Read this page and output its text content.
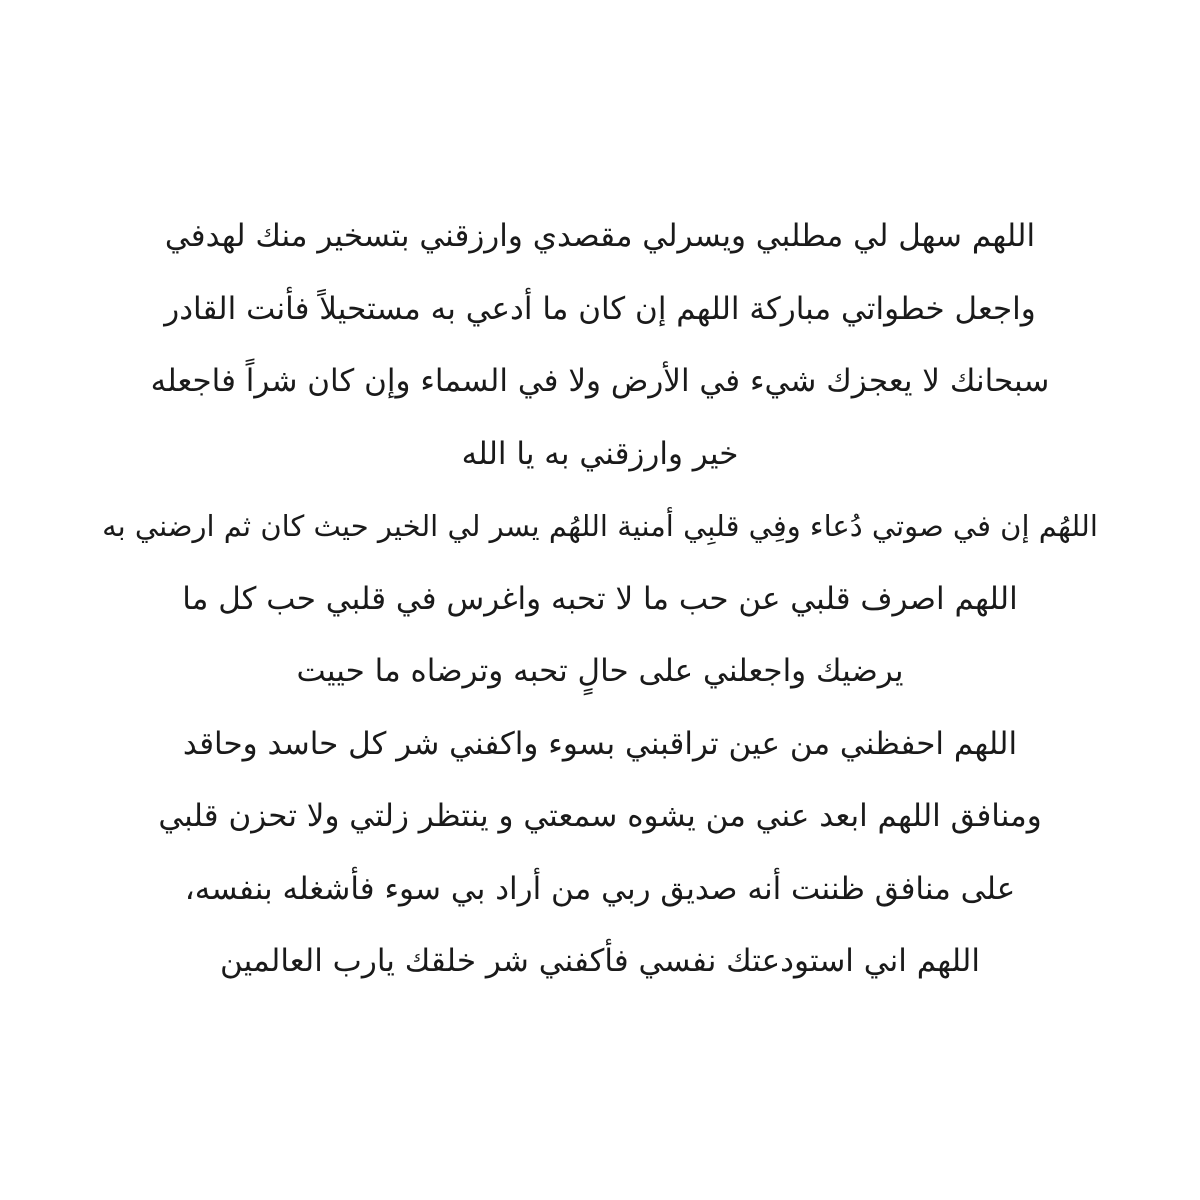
اللهم سهل لي مطلبي ويسرلي مقصدي وارزقني بتسخير منك لهدفي
واجعل خطواتي مباركة اللهم إن كان ما أدعي به مستحيلاً فأنت القادر
سبحانك لا يعجزك شيء في الأرض ولا في السماء وإن كان شراً فاجعله
خير وارزقني به يا الله
اللهُم إن في صوتي دُعاء وفِي قلبِي أمنية اللهُم يسر لي الخير حيث كان ثم ارضني به
اللهم اصرف قلبي عن حب ما لا تحبه واغرس في قلبي حب كل ما
يرضيك واجعلني على حالٍ تحبه وترضاه ما حييت
اللهم احفظني من عين تراقبني بسوء واكفني شر كل حاسد وحاقد
ومنافق اللهم ابعد عني من يشوه سمعتي و ينتظر زلتي ولا تحزن قلبي
على منافق ظننت أنه صديق ربي من أراد بي سوء فأشغله بنفسه،
اللهم اني استودعتك نفسي فأكفني شر خلقك يارب العالمين
